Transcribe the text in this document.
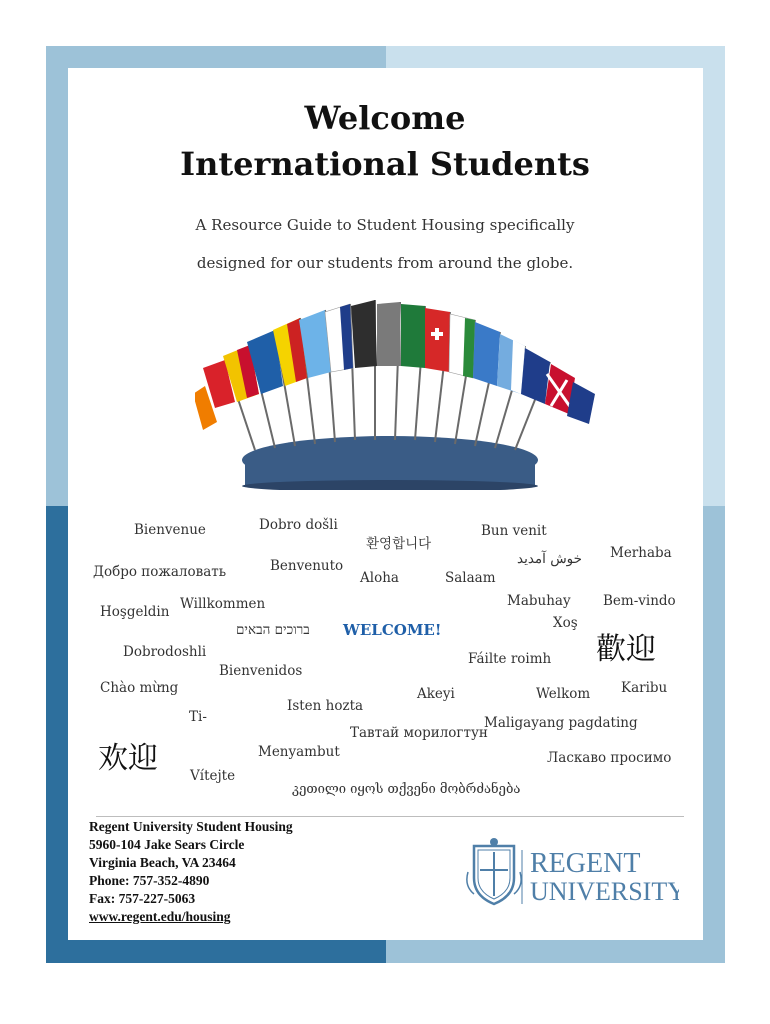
Welcome
International Students
A Resource Guide to Student Housing specifically
designed for our students from around the globe.
Bienvenue	Dobro došli
환영합니다
Bun venit
Merhaba
خوش آمدید
Добро пожаловать	Benvenuto
Aloha	Salaam
Hoşgeldin Willkommen
ברוכים הבאים WELCOME!
Mabuhay Bem-vindo
Xoş
歡迎
Dobrodoshli	Fáilte roimh
Bienvenidos
Chào mừng	Akeyi	Welkom Karibu
Isten hozta
Ti-	Maligayang pagdating
Тавтай морилогтун
欢迎	Menyambut	Ласкаво просимо
Vítejte
კეთილი იყოს თქვენი მობრძანება
Regent University Student Housing
5960-104 Jake Sears Circle
Virginia Beach, VA 23464
Phone: 757-352-4890
Fax: 757-227-5063
www.regent.edu/housing
REGENT
UNIVERSITY
